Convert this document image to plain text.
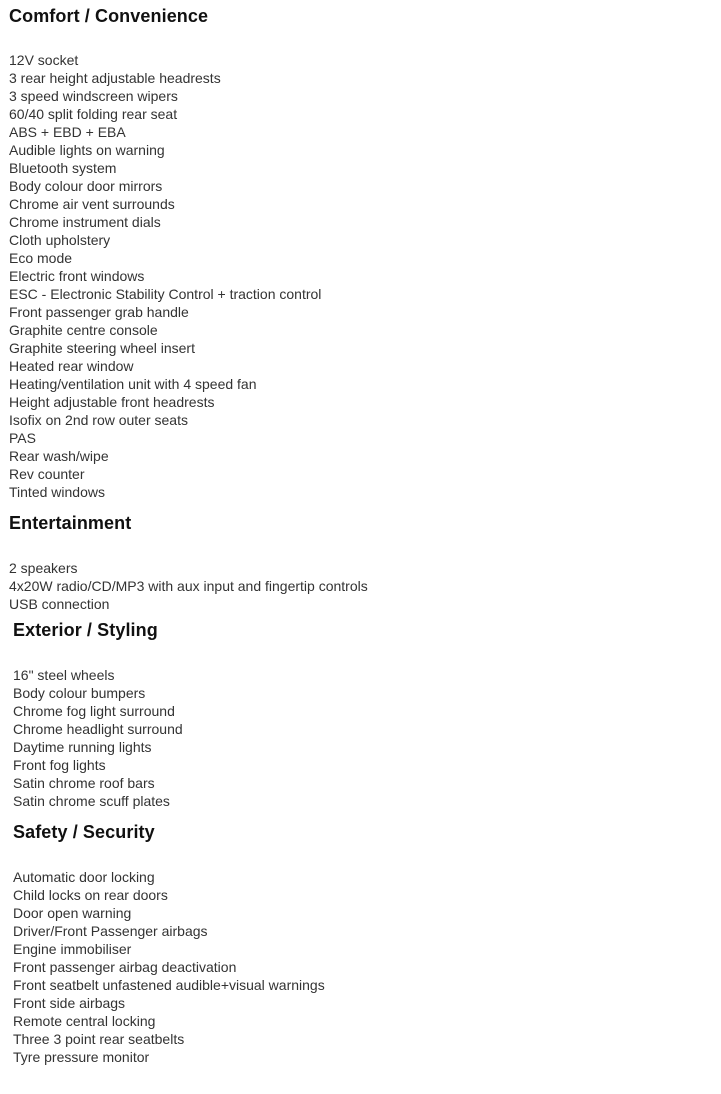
Comfort / Convenience
12V socket
3 rear height adjustable headrests
3 speed windscreen wipers
60/40 split folding rear seat
ABS + EBD + EBA
Audible lights on warning
Bluetooth system
Body colour door mirrors
Chrome air vent surrounds
Chrome instrument dials
Cloth upholstery
Eco mode
Electric front windows
ESC - Electronic Stability Control + traction control
Front passenger grab handle
Graphite centre console
Graphite steering wheel insert
Heated rear window
Heating/ventilation unit with 4 speed fan
Height adjustable front headrests
Isofix on 2nd row outer seats
PAS
Rear wash/wipe
Rev counter
Tinted windows
Entertainment
2 speakers
4x20W radio/CD/MP3 with aux input and fingertip controls
USB connection
Exterior / Styling
16" steel wheels
Body colour bumpers
Chrome fog light surround
Chrome headlight surround
Daytime running lights
Front fog lights
Satin chrome roof bars
Satin chrome scuff plates
Safety / Security
Automatic door locking
Child locks on rear doors
Door open warning
Driver/Front Passenger airbags
Engine immobiliser
Front passenger airbag deactivation
Front seatbelt unfastened audible+visual warnings
Front side airbags
Remote central locking
Three 3 point rear seatbelts
Tyre pressure monitor
